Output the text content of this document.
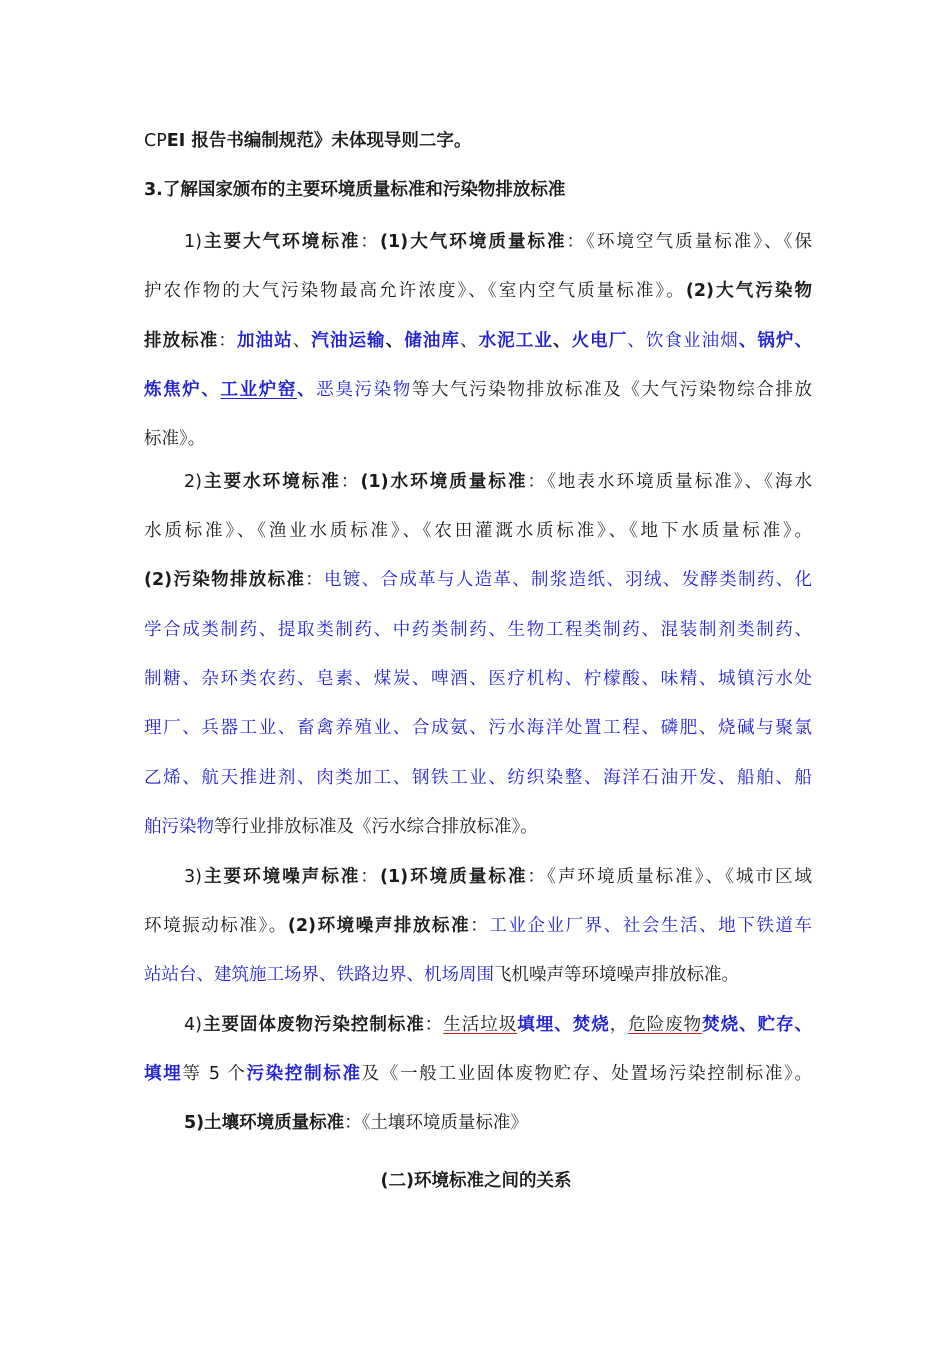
CPEI 报告书编制规范》未体现导则二字。
3.了解国家颁布的主要环境质量标准和污染物排放标准
1)主要大气环境标准：(1)大气环境质量标准：《环境空气质量标准》、《保
护农作物的大气污染物最高允许浓度》、《室内空气质量标准》。(2)大气污染物
排放标准：加油站、汽油运输、储油库、水泥工业、火电厂、饮食业油烟、锅炉、
炼焦炉、工业炉窑、恶臭污染物等大气污染物排放标准及《大气污染物综合排放
标准》。
2)主要水环境标准：(1)水环境质量标准：《地表水环境质量标准》、《海水
水质标准》、《渔业水质标准》、《农田灌溉水质标准》、《地下水质量标准》。
(2)污染物排放标准：电镀、合成革与人造革、制浆造纸、羽绒、发酵类制药、化
学合成类制药、提取类制药、中药类制药、生物工程类制药、混装制剂类制药、
制糖、杂环类农药、皂素、煤炭、啤酒、医疗机构、柠檬酸、味精、城镇污水处
理厂、兵器工业、畜禽养殖业、合成氨、污水海洋处置工程、磷肥、烧碱与聚氯
乙烯、航天推进剂、肉类加工、钢铁工业、纺织染整、海洋石油开发、船舶、船
舶污染物等行业排放标准及《污水综合排放标准》。
3)主要环境噪声标准：(1)环境质量标准：《声环境质量标准》、《城市区域
环境振动标准》。(2)环境噪声排放标准：工业企业厂界、社会生活、地下铁道车
站站台、建筑施工场界、铁路边界、机场周围飞机噪声等环境噪声排放标准。
4)主要固体废物污染控制标准：生活垃圾填埋、焚烧，危险废物焚烧、贮存、
填埋等 5 个污染控制标准及《一般工业固体废物贮存、处置场污染控制标准》。
5)土壤环境质量标准：《土壤环境质量标准》
(二)环境标准之间的关系
